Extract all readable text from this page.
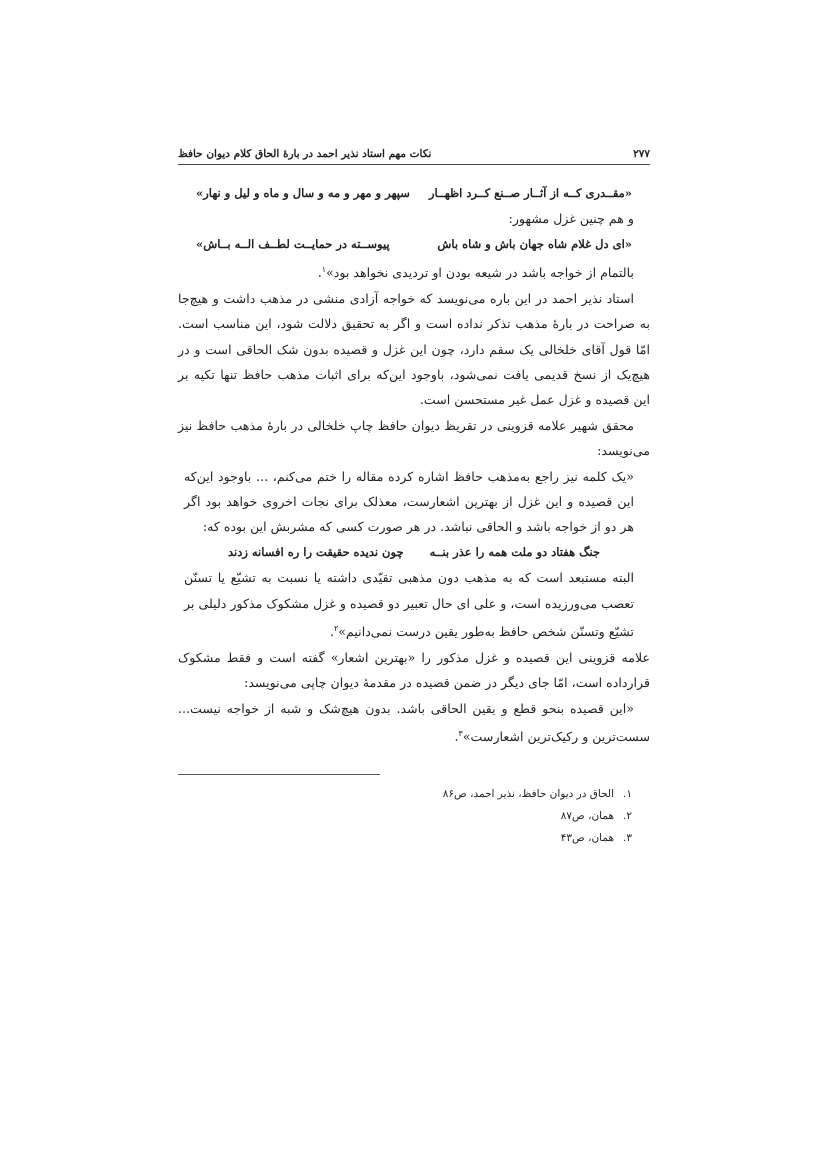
۲۷۷
نکات مهم استاد نذیر احمد در بارۀ الحاق کلام دیوان حافظ
«مقــدری کــه از آثــار صــنع کــرد اظهــار
سپهر و مهر و مه و سال و ماه و لیل و نهار»

و هم چنین غزل مشهور:

«ای دل غلام شاه جهان باش و شاه باش
پیوســته در حمایــت لطــف الــه بــاش»

بالتمام از خواجه باشد در شیعه بودن او تردیدی نخواهد بود»$^۱$.

استاد نذیر احمد در این باره می‌نویسد که خواجه آزادی منشی در مذهب داشت و هیچ‌جا به صراحت در بارۀ مذهب تذکر نداده است و اگر به تحقیق دلالت شود، این مناسب است. امّا قول آقای خلخالی یک سقم دارد، چون این غزل و قصیده بدون شک الحاقی است و در هیچ‌یک از نسخ قدیمی یافت نمی‌شود، باوجود این‌که برای اثبات مذهب حافظ تنها تکیه بر این قصیده و غزل عمل غیر مستحسن است.

محقق شهیر علامه قزوینی در تقریظ دیوان حافظ چاپ خلخالی در بارۀ مذهب حافظ نیز می‌نویسد:

«یک کلمه نیز راجع به‌مذهب حافظ اشاره کرده مقاله را ختم می‌کنم، ... باوجود این‌که این قصیده و این غزل از بهترین اشعارست، معذلک برای نجات اخروی خواهد بود اگر هر دو از خواجه باشد و الحاقی نباشد. در هر صورت کسی که مشربش این بوده که:

جنگ هفتاد دو ملت همه را عذر بنــه
چون ندیده حقیقت را ره افسانه زدند

البته مستبعد است که به مذهب دون مذهبی تقیّدی داشته یا نسبت به تشیّع یا تسنّن تعصب می‌ورزیده است، و علی ای حال تعبیر دو قصیده و غزل مشکوک مذکور دلیلی بر تشیّع وتسنّن شخص حافظ به‌طور یقین درست نمی‌دانیم»$^۲$.

علامه قزوینی این قصیده و غزل مذکور را «بهترین اشعار» گفته است و فقط مشکوک قرارداده است، امّا جای دیگر در ضمن قصیده در مقدمۀ دیوان چاپی می‌نویسد:

«این قصیده بنحو قطع و یقین الحاقی باشد. بدون هیچ‌شک و شبه از خواجه نیست... سست‌ترین و رکیک‌ترین اشعارست»$^۳$.

۱.الحاق در دیوان حافظ، نذیر احمد، ص۸۶
۲.همان، ص۸۷
۳.همان، ص۴۳
